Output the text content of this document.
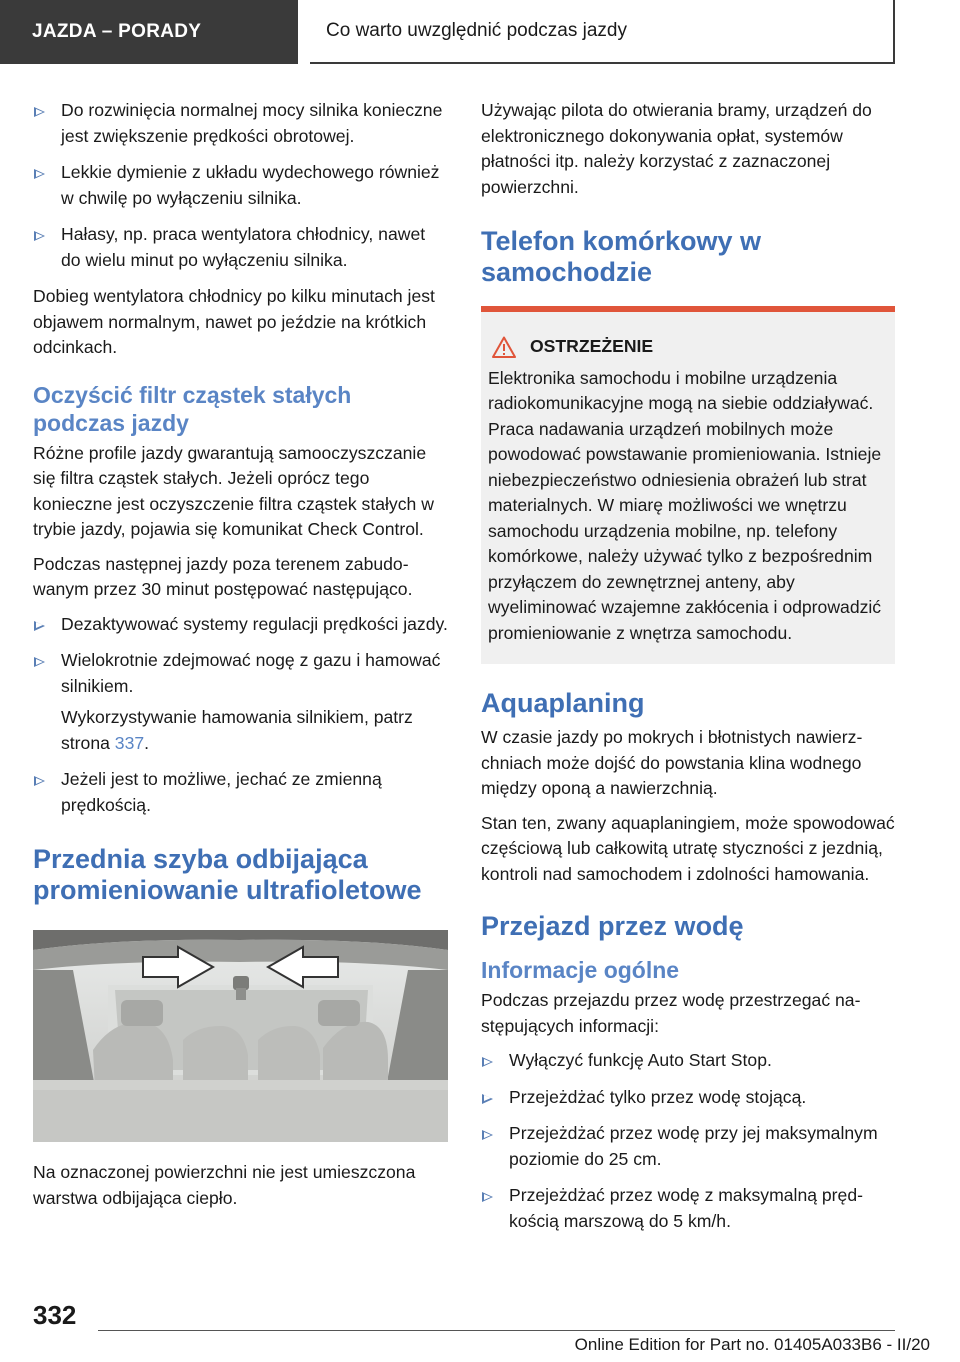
JAZDA – PORADY	Co warto uwzględnić podczas jazdy
Do rozwinięcia normalnej mocy silnika konieczne jest zwiększenie prędkości obrotowej.
Lekkie dymienie z układu wydechowego również w chwilę po wyłączeniu silnika.
Hałasy, np. praca wentylatora chłodnicy, nawet do wielu minut po wyłączeniu silnika.

Dobieg wentylatora chłodnicy po kilku minutach jest objawem normalnym, nawet po jeździe na krótkich odcinkach.

Oczyścić filtr cząstek stałych podczas jazdy

Różne profile jazdy gwarantują samooczyszczanie się filtra cząstek stałych. Jeżeli oprócz tego konieczne jest oczyszczenie filtra cząstek stałych w trybie jazdy, pojawia się komunikat Check Control.

Podczas następnej jazdy poza terenem zabudowanym przez 30 minut postępować następująco.

Dezaktywować systemy regulacji prędkości jazdy.
Wielokrotnie zdejmować nogę z gazu i hamować silnikiem.
Wykorzystywanie hamowania silnikiem, patrz strona 337.
Jeżeli jest to możliwe, jechać ze zmienną prędkością.
Przednia szyba odbijająca promieniowanie ultrafioletowe

Na oznaczonej powierzchni nie jest umieszczona warstwa odbijająca ciepło.

Używając pilota do otwierania bramy, urządzeń do elektronicznego dokonywania opłat, systemów płatności itp. należy korzystać z zaznaczonej powierzchni.

Telefon komórkowy w samochodzie
OSTRZEŻENIE
Elektronika samochodu i mobilne urządzenia radiokomunikacyjne mogą na siebie oddziaływać. Praca nadawania urządzeń mobilnych może powodować powstawanie promieniowania. Istnieje niebezpieczeństwo odniesienia obrażeń lub strat materialnych. W miarę możliwości we wnętrzu samochodu urządzenia mobilne, np. telefony komórkowe, należy używać tylko z bezpośrednim przyłączem do zewnętrznej anteny, aby wyeliminować wzajemne zakłócenia i odprowadzić promieniowanie z wnętrza samochodu.
Aquaplaning

W czasie jazdy po mokrych i błotnistych nawierzchniach może dojść do powstania klina wodnego między oponą a nawierzchnią.

Stan ten, zwany aquaplaningiem, może spowodować częściową lub całkowitą utratę styczności z jezdnią, kontroli nad samochodem i zdolności hamowania.

Przejazd przez wodę
Informacje ogólne

Podczas przejazdu przez wodę przestrzegać następujących informacji:

Wyłączyć funkcję Auto Start Stop.
Przejeżdżać tylko przez wodę stojącą.
Przejeżdżać przez wodę przy jej maksymalnym poziomie do 25 cm.
Przejeżdżać przez wodę z maksymalną prędkością marszową do 5 km/h.
332
Online Edition for Part no. 01405A033B6 - II/20
